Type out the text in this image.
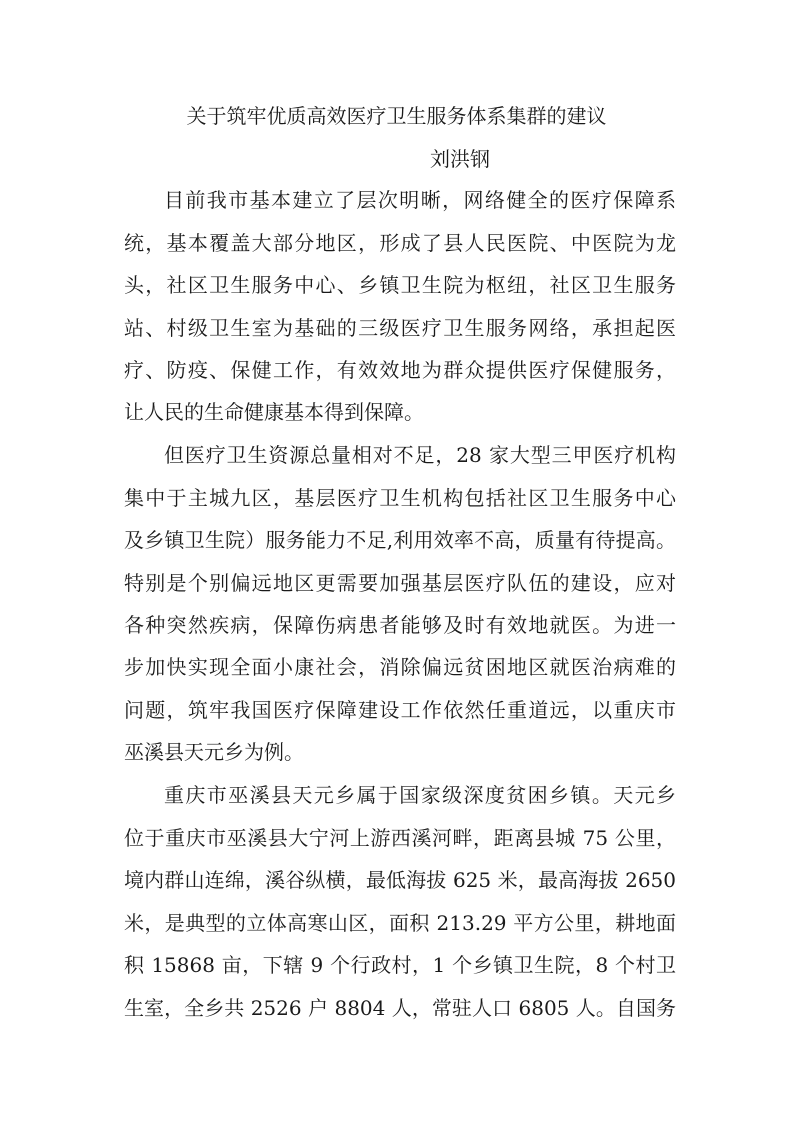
关于筑牢优质高效医疗卫生服务体系集群的建议
刘洪钢
目前我市基本建立了层次明晰，网络健全的医疗保障系
统，基本覆盖大部分地区，形成了县人民医院、中医院为龙
头，社区卫生服务中心、乡镇卫生院为枢纽，社区卫生服务
站、村级卫生室为基础的三级医疗卫生服务网络，承担起医
疗、防疫、保健工作，有效效地为群众提供医疗保健服务，
让人民的生命健康基本得到保障。
但医疗卫生资源总量相对不足，28 家大型三甲医疗机构
集中于主城九区，基层医疗卫生机构包括社区卫生服务中心
及乡镇卫生院）服务能力不足,利用效率不高，质量有待提高。
特别是个别偏远地区更需要加强基层医疗队伍的建设，应对
各种突然疾病，保障伤病患者能够及时有效地就医。为进一
步加快实现全面小康社会，消除偏远贫困地区就医治病难的
问题，筑牢我国医疗保障建设工作依然任重道远，以重庆市
巫溪县天元乡为例。
重庆市巫溪县天元乡属于国家级深度贫困乡镇。天元乡
位于重庆市巫溪县大宁河上游西溪河畔，距离县城 75 公里，
境内群山连绵，溪谷纵横，最低海拔 625 米，最高海拔 2650
米，是典型的立体高寒山区，面积 213.29 平方公里，耕地面
积 15868 亩，下辖 9 个行政村，1 个乡镇卫生院，8 个村卫
生室，全乡共 2526 户 8804 人，常驻人口 6805 人。自国务
